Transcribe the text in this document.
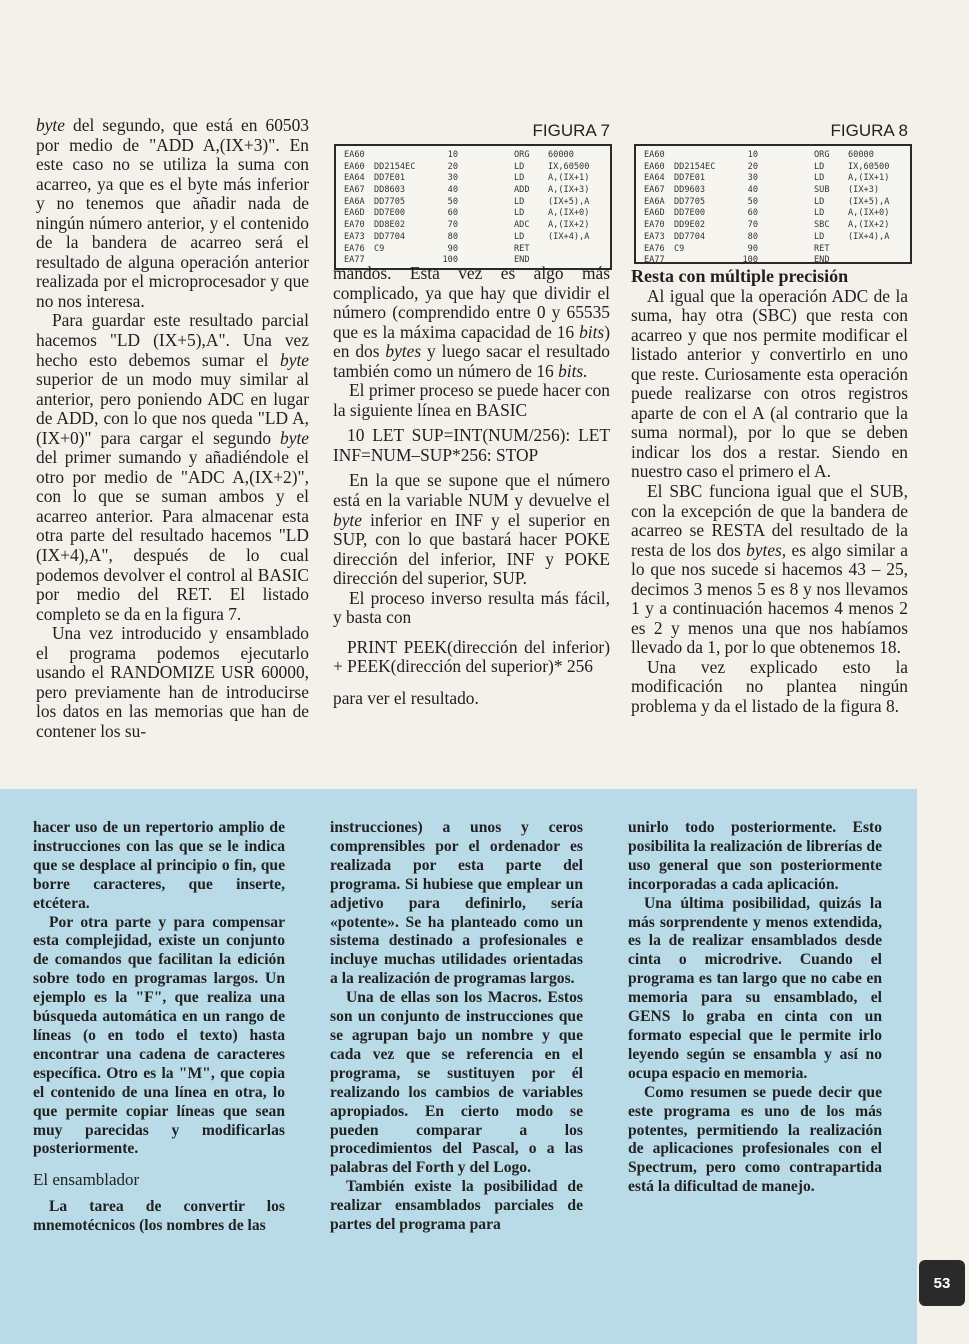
byte del segundo, que está en 60503 por medio de "ADD A,(IX+3)". En este caso no se utiliza la suma con acarreo, ya que es el byte más inferior y no tenemos que añadir nada de ningún número anterior, y el contenido de la bandera de acarreo será el resultado de alguna operación anterior realizada por el microprocesador y que no nos interesa.

Para guardar este resultado parcial hacemos "LD (IX+5),A". Una vez hecho esto debemos sumar el byte superior de un modo muy similar al anterior, pero poniendo ADC en lugar de ADD, con lo que nos queda "LD A,(IX+0)" para cargar el segundo byte del primer sumando y añadiéndole el otro por medio de "ADC A,(IX+2)", con lo que se suman ambos y el acarreo anterior. Para almacenar esta otra parte del resultado hacemos "LD (IX+4),A", después de lo cual podemos devolver el control al BASIC por medio del RET. El listado completo se da en la figura 7.

Una vez introducido y ensamblado el programa podemos ejecutarlo usando el RANDOMIZE USR 60000, pero previamente han de introducirse los datos en las memorias que han de contener los su-

FIGURA 7
EA60	10	ORG 60000
EA60 DD2154EC	20	LD	IX,60500
EA64 DD7E01	30	LD	A,(IX+1)
EA67 DD8603	40	ADD A,(IX+3)
EA6A DD7705	50	LD	(IX+5),A
EA6D DD7E00	60	LD	A,(IX+0)
EA70 DD8E02	70	ADC A,(IX+2)
EA73 DD7704	80	LD	(IX+4),A
EA76 C9	90	RET
EA77	100	END
FIGURA 8
EA60	10	ORG 60000
EA60 DD2154EC	20	LD	IX,60500
EA64 DD7E01	30	LD	A,(IX+1)
EA67 DD9603	40	SUB (IX+3)
EA6A DD7705	50	LD	(IX+5),A
EA6D DD7E00	60	LD	A,(IX+0)
EA70 DD9E02	70	SBC A,(IX+2)
EA73 DD7704	80	LD	(IX+4),A
EA76 C9	90	RET
EA77	100	END

mandos. Esta vez es algo más complicado, ya que hay que dividir el número (comprendido entre 0 y 65535 que es la máxima capacidad de 16 bits) en dos bytes y luego sacar el resultado también como un número de 16 bits.

El primer proceso se puede hacer con la siguiente línea en BASIC

10 LET SUP=INT(NUM/256): LET INF=NUM–SUP*256: STOP

En la que se supone que el número está en la variable NUM y devuelve el byte inferior en INF y el superior en SUP, con lo que bastará hacer POKE dirección del inferior, INF y POKE dirección del superior, SUP.

El proceso inverso resulta más fácil, y basta con

PRINT PEEK(dirección del inferior) + PEEK(dirección del superior)* 256

para ver el resultado.

Resta con múltiple precisión

Al igual que la operación ADC de la suma, hay otra (SBC) que resta con acarreo y que nos permite modificar el listado anterior y convertirlo en uno que reste. Curiosamente esta operación puede realizarse con otros registros aparte de con el A (al contrario que la suma normal), por lo que se deben indicar los dos a restar. Siendo en nuestro caso el primero el A.

El SBC funciona igual que el SUB, con la excepción de que la bandera de acarreo se RESTA del resultado de la resta de los dos bytes, es algo similar a lo que nos sucede si hacemos 43 – 25, decimos 3 menos 5 es 8 y nos llevamos 1 y a continuación hacemos 4 menos 2 es 2 y menos una que nos habíamos llevado da 1, por lo que obtenemos 18.

Una vez explicado esto la modificación no plantea ningún problema y da el listado de la figura 8.

hacer uso de un repertorio amplio de instrucciones con las que se le indica que se desplace al principio o fin, que borre caracteres, que inserte, etcétera.

Por otra parte y para compensar esta complejidad, existe un conjunto de comandos que facilitan la edición sobre todo en programas largos. Un ejemplo es la "F", que realiza una búsqueda automática en un rango de líneas (o en todo el texto) hasta encontrar una cadena de caracteres específica. Otro es la "M", que copia el contenido de una línea en otra, lo que permite copiar líneas que sean muy parecidas y modificarlas posteriormente.

El ensamblador

La tarea de convertir los mnemotécnicos (los nombres de las

instrucciones) a unos y ceros comprensibles por el ordenador es realizada por esta parte del programa. Si hubiese que emplear un adjetivo para definirlo, sería «potente». Se ha planteado como un sistema destinado a profesionales e incluye muchas utilidades orientadas a la realización de programas largos.

Una de ellas son los Macros. Estos son un conjunto de instrucciones que se agrupan bajo un nombre y que cada vez que se referencia en el programa, se sustituyen por él realizando los cambios de variables apropiados. En cierto modo se pueden comparar a los procedimientos del Pascal, o a las palabras del Forth y del Logo.

También existe la posibilidad de realizar ensamblados parciales de partes del programa para

unirlo todo posteriormente. Esto posibilita la realización de librerías de uso general que son posteriormente incorporadas a cada aplicación.

Una última posibilidad, quizás la más sorprendente y menos extendida, es la de realizar ensamblados desde cinta o microdrive. Cuando el programa es tan largo que no cabe en memoria para su ensamblado, el GENS lo graba en cinta con un formato especial que le permite irlo leyendo según se ensambla y así no ocupa espacio en memoria.

Como resumen se puede decir que este programa es uno de los más potentes, permitiendo la realización de aplicaciones profesionales con el Spectrum, pero como contrapartida está la dificultad de manejo.

53
